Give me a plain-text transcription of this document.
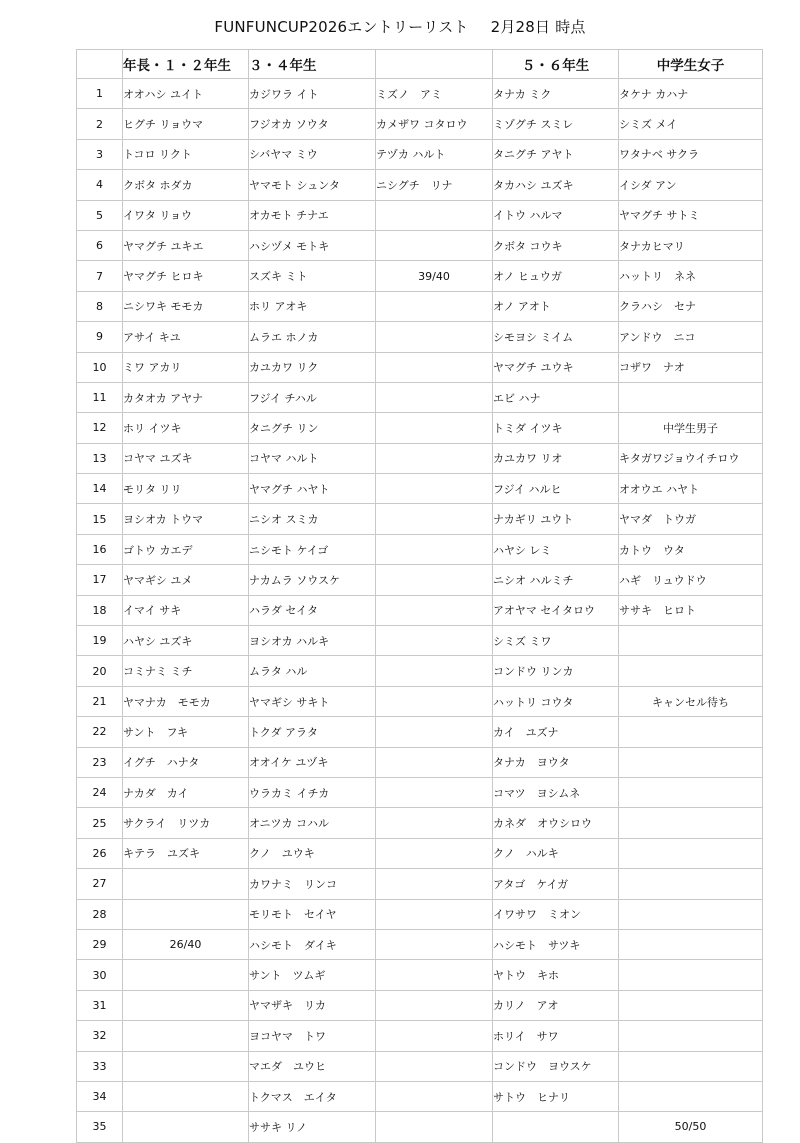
FUNFUNCUP2026エントリーリスト 2月28日 時点
	年長・１・２年生	３・４年生		５・６年生	中学生女子
1	オオハシ ユイト	カジワラ イト	ミズノ　アミ	タナカ ミク	タケナ カハナ
2	ヒグチ リョウマ	フジオカ ソウタ	カメザワ コタロウ	ミゾグチ スミレ	シミズ メイ
3	トコロ リクト	シバヤマ ミウ	テヅカ ハルト	タニグチ アヤト	ワタナベ サクラ
4	クボタ ホダカ	ヤマモト シュンタ	ニシグチ　リナ	タカハシ ユズキ	イシダ アン
5	イワタ リョウ	オカモト チナエ		イトウ ハルマ	ヤマグチ サトミ
6	ヤマグチ ユキエ	ハシヅメ モトキ		クボタ コウキ	タナカヒマリ
7	ヤマグチ ヒロキ	スズキ ミト	39/40	オノ ヒュウガ	ハットリ　ネネ
8	ニシワキ モモカ	ホリ アオキ		オノ アオト	クラハシ　セナ
9	アサイ キユ	ムラエ ホノカ		シモヨシ ミイム	アンドウ　ニコ
10	ミワ アカリ	カユカワ リク		ヤマグチ ユウキ	コザワ　ナオ
11	カタオカ アヤナ	フジイ チハル		エビ ハナ	
12	ホリ イツキ	タニグチ リン		トミダ イツキ	中学生男子
13	コヤマ ユズキ	コヤマ ハルト		カユカワ リオ	キタガワジョウイチロウ
14	モリタ リリ	ヤマグチ ハヤト		フジイ ハルヒ	オオウエ ハヤト
15	ヨシオカ トウマ	ニシオ スミカ		ナカギリ ユウト	ヤマダ　トウガ
16	ゴトウ カエデ	ニシモト ケイゴ		ハヤシ レミ	カトウ　ウタ
17	ヤマギシ ユメ	ナカムラ ソウスケ		ニシオ ハルミチ	ハギ　リュウドウ
18	イマイ サキ	ハラダ セイタ		アオヤマ セイタロウ	ササキ　ヒロト
19	ハヤシ ユズキ	ヨシオカ ハルキ		シミズ ミワ	
20	コミナミ ミチ	ムラタ ハル		コンドウ リンカ	
21	ヤマナカ　モモカ	ヤマギシ サキト		ハットリ コウタ	キャンセル待ち
22	サント　フキ	トクダ アラタ		カイ　ユズナ	
23	イグチ　ハナタ	オオイケ ユヅキ		タナカ　ヨウタ	
24	ナカダ　カイ	ウラカミ イチカ		コマツ　ヨシムネ	
25	サクライ　リツカ	オニツカ コハル		カネダ　オウシロウ	
26	キテラ　ユズキ	クノ　ユウキ		クノ　ハルキ	
27		カワナミ　リンコ		アタゴ　ケイガ	
28		モリモト　セイヤ		イワサワ　ミオン	
29	26/40	ハシモト　ダイキ		ハシモト　サツキ	
30		サント　ツムギ		ヤトウ　キホ	
31		ヤマザキ　リカ		カリノ　アオ	
32		ヨコヤマ　トワ		ホリイ　サワ	
33		マエダ　ユウヒ		コンドウ　ヨウスケ	
34		トクマス　エイタ		サトウ　ヒナリ	
35		ササキ リノ			50/50
